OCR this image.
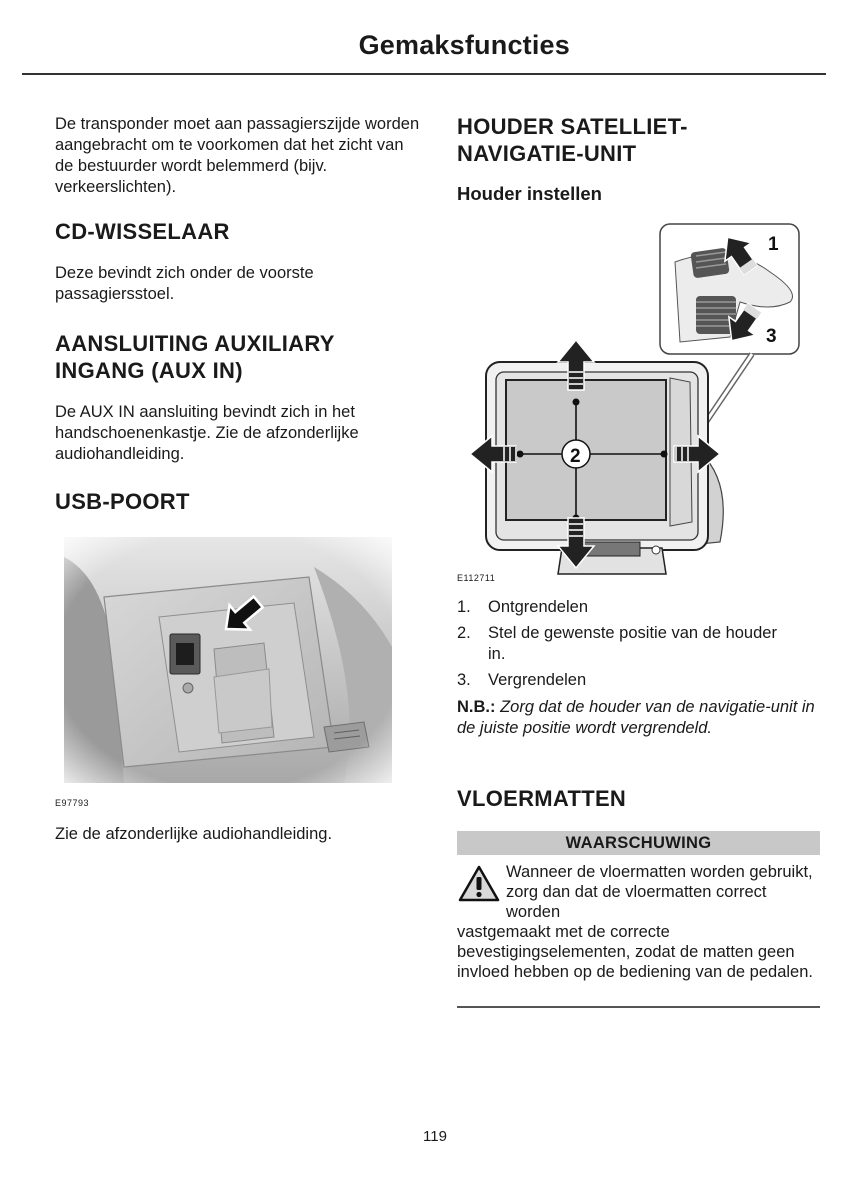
Gemaksfuncties

De transponder moet aan passagierszijde worden aangebracht om te voorkomen dat het zicht van de bestuurder wordt belemmerd (bijv. verkeerslichten).

CD-WISSELAAR

Deze bevindt zich onder de voorste passagiersstoel.

AANSLUITING AUXILIARY INGANG (AUX IN)

De AUX IN aansluiting bevindt zich in het handschoenenkastje. Zie de afzonderlijke audiohandleiding.

USB-POORT
E97793

Zie de afzonderlijke audiohandleiding.

HOUDER SATELLIET-NAVIGATIE-UNIT
Houder instellen
1
3
2
E112711
1.	Ontgrendelen
2.	Stel de gewenste positie van de houder in.
3.	Vergrendelen

N.B.: Zorg dat de houder van de navigatie-unit in de juiste positie wordt vergrendeld.

VLOERMATTEN
WAARSCHUWING

Wanneer de vloermatten worden gebruikt, zorg dan dat de vloermatten correct worden

vastgemaakt met de correcte bevestigingselementen, zodat de matten geen invloed hebben op de bediening van de pedalen.

119
